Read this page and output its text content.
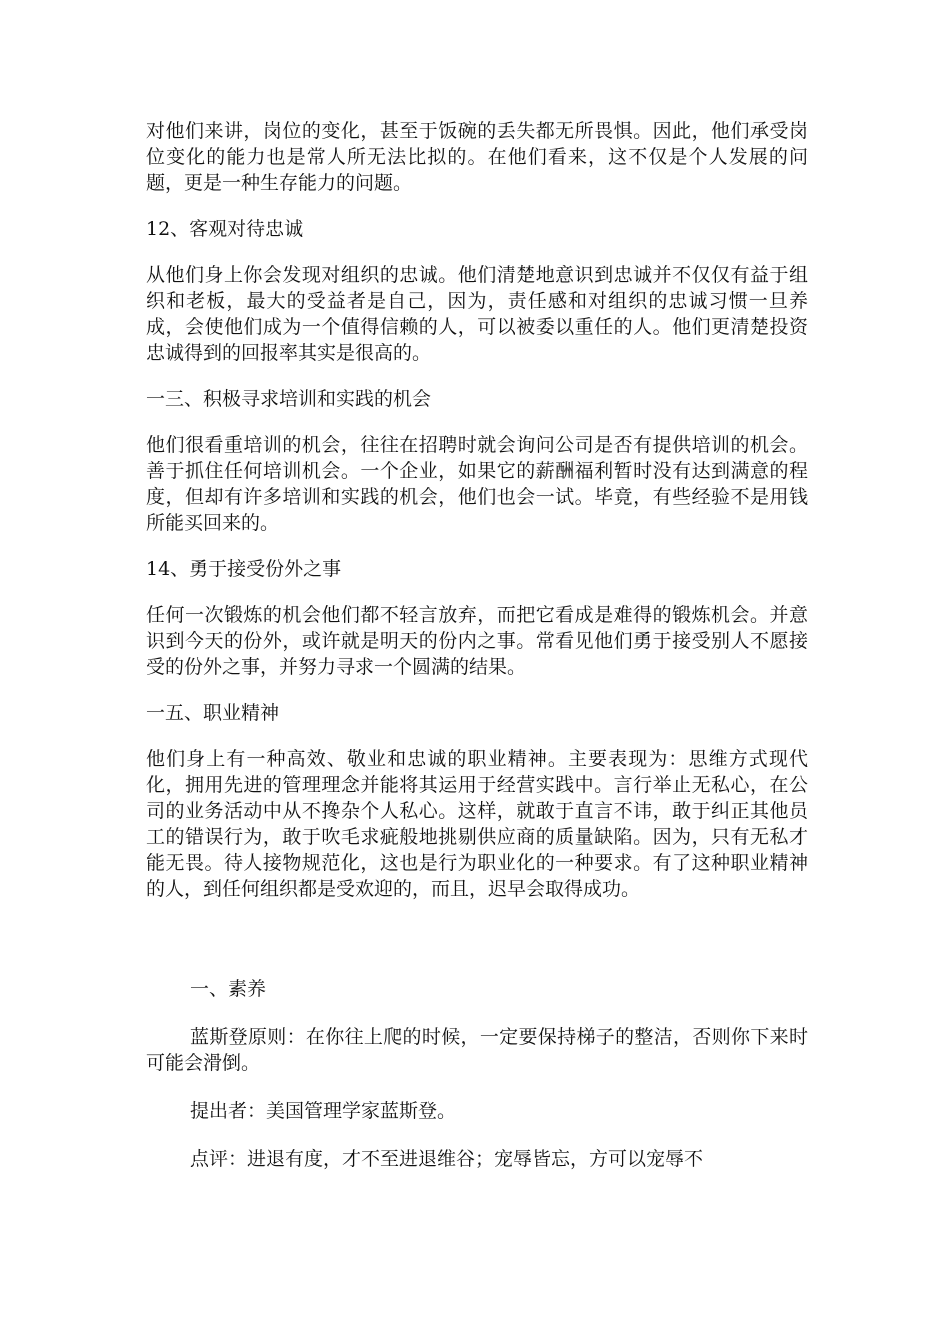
对他们来讲，岗位的变化，甚至于饭碗的丢失都无所畏惧。因此，他们承受岗位变化的能力也是常人所无法比拟的。在他们看来，这不仅是个人发展的问题，更是一种生存能力的问题。

12、客观对待忠诚

从他们身上你会发现对组织的忠诚。他们清楚地意识到忠诚并不仅仅有益于组织和老板，最大的受益者是自己，因为，责任感和对组织的忠诚习惯一旦养成，会使他们成为一个值得信赖的人，可以被委以重任的人。他们更清楚投资忠诚得到的回报率其实是很高的。

一三、积极寻求培训和实践的机会

他们很看重培训的机会，往往在招聘时就会询问公司是否有提供培训的机会。善于抓住任何培训机会。一个企业，如果它的薪酬福利暂时没有达到满意的程度，但却有许多培训和实践的机会，他们也会一试。毕竟，有些经验不是用钱所能买回来的。

14、勇于接受份外之事

任何一次锻炼的机会他们都不轻言放弃，而把它看成是难得的锻炼机会。并意识到今天的份外，或许就是明天的份内之事。常看见他们勇于接受别人不愿接受的份外之事，并努力寻求一个圆满的结果。

一五、职业精神

他们身上有一种高效、敬业和忠诚的职业精神。主要表现为：思维方式现代化，拥用先进的管理理念并能将其运用于经营实践中。言行举止无私心，在公司的业务活动中从不搀杂个人私心。这样，就敢于直言不讳，敢于纠正其他员工的错误行为，敢于吹毛求疵般地挑剔供应商的质量缺陷。因为，只有无私才能无畏。待人接物规范化，这也是行为职业化的一种要求。有了这种职业精神的人，到任何组织都是受欢迎的，而且，迟早会取得成功。

一、素养

蓝斯登原则：在你往上爬的时候，一定要保持梯子的整洁，否则你下来时可能会滑倒。

提出者：美国管理学家蓝斯登。

点评：进退有度，才不至进退维谷；宠辱皆忘，方可以宠辱不
